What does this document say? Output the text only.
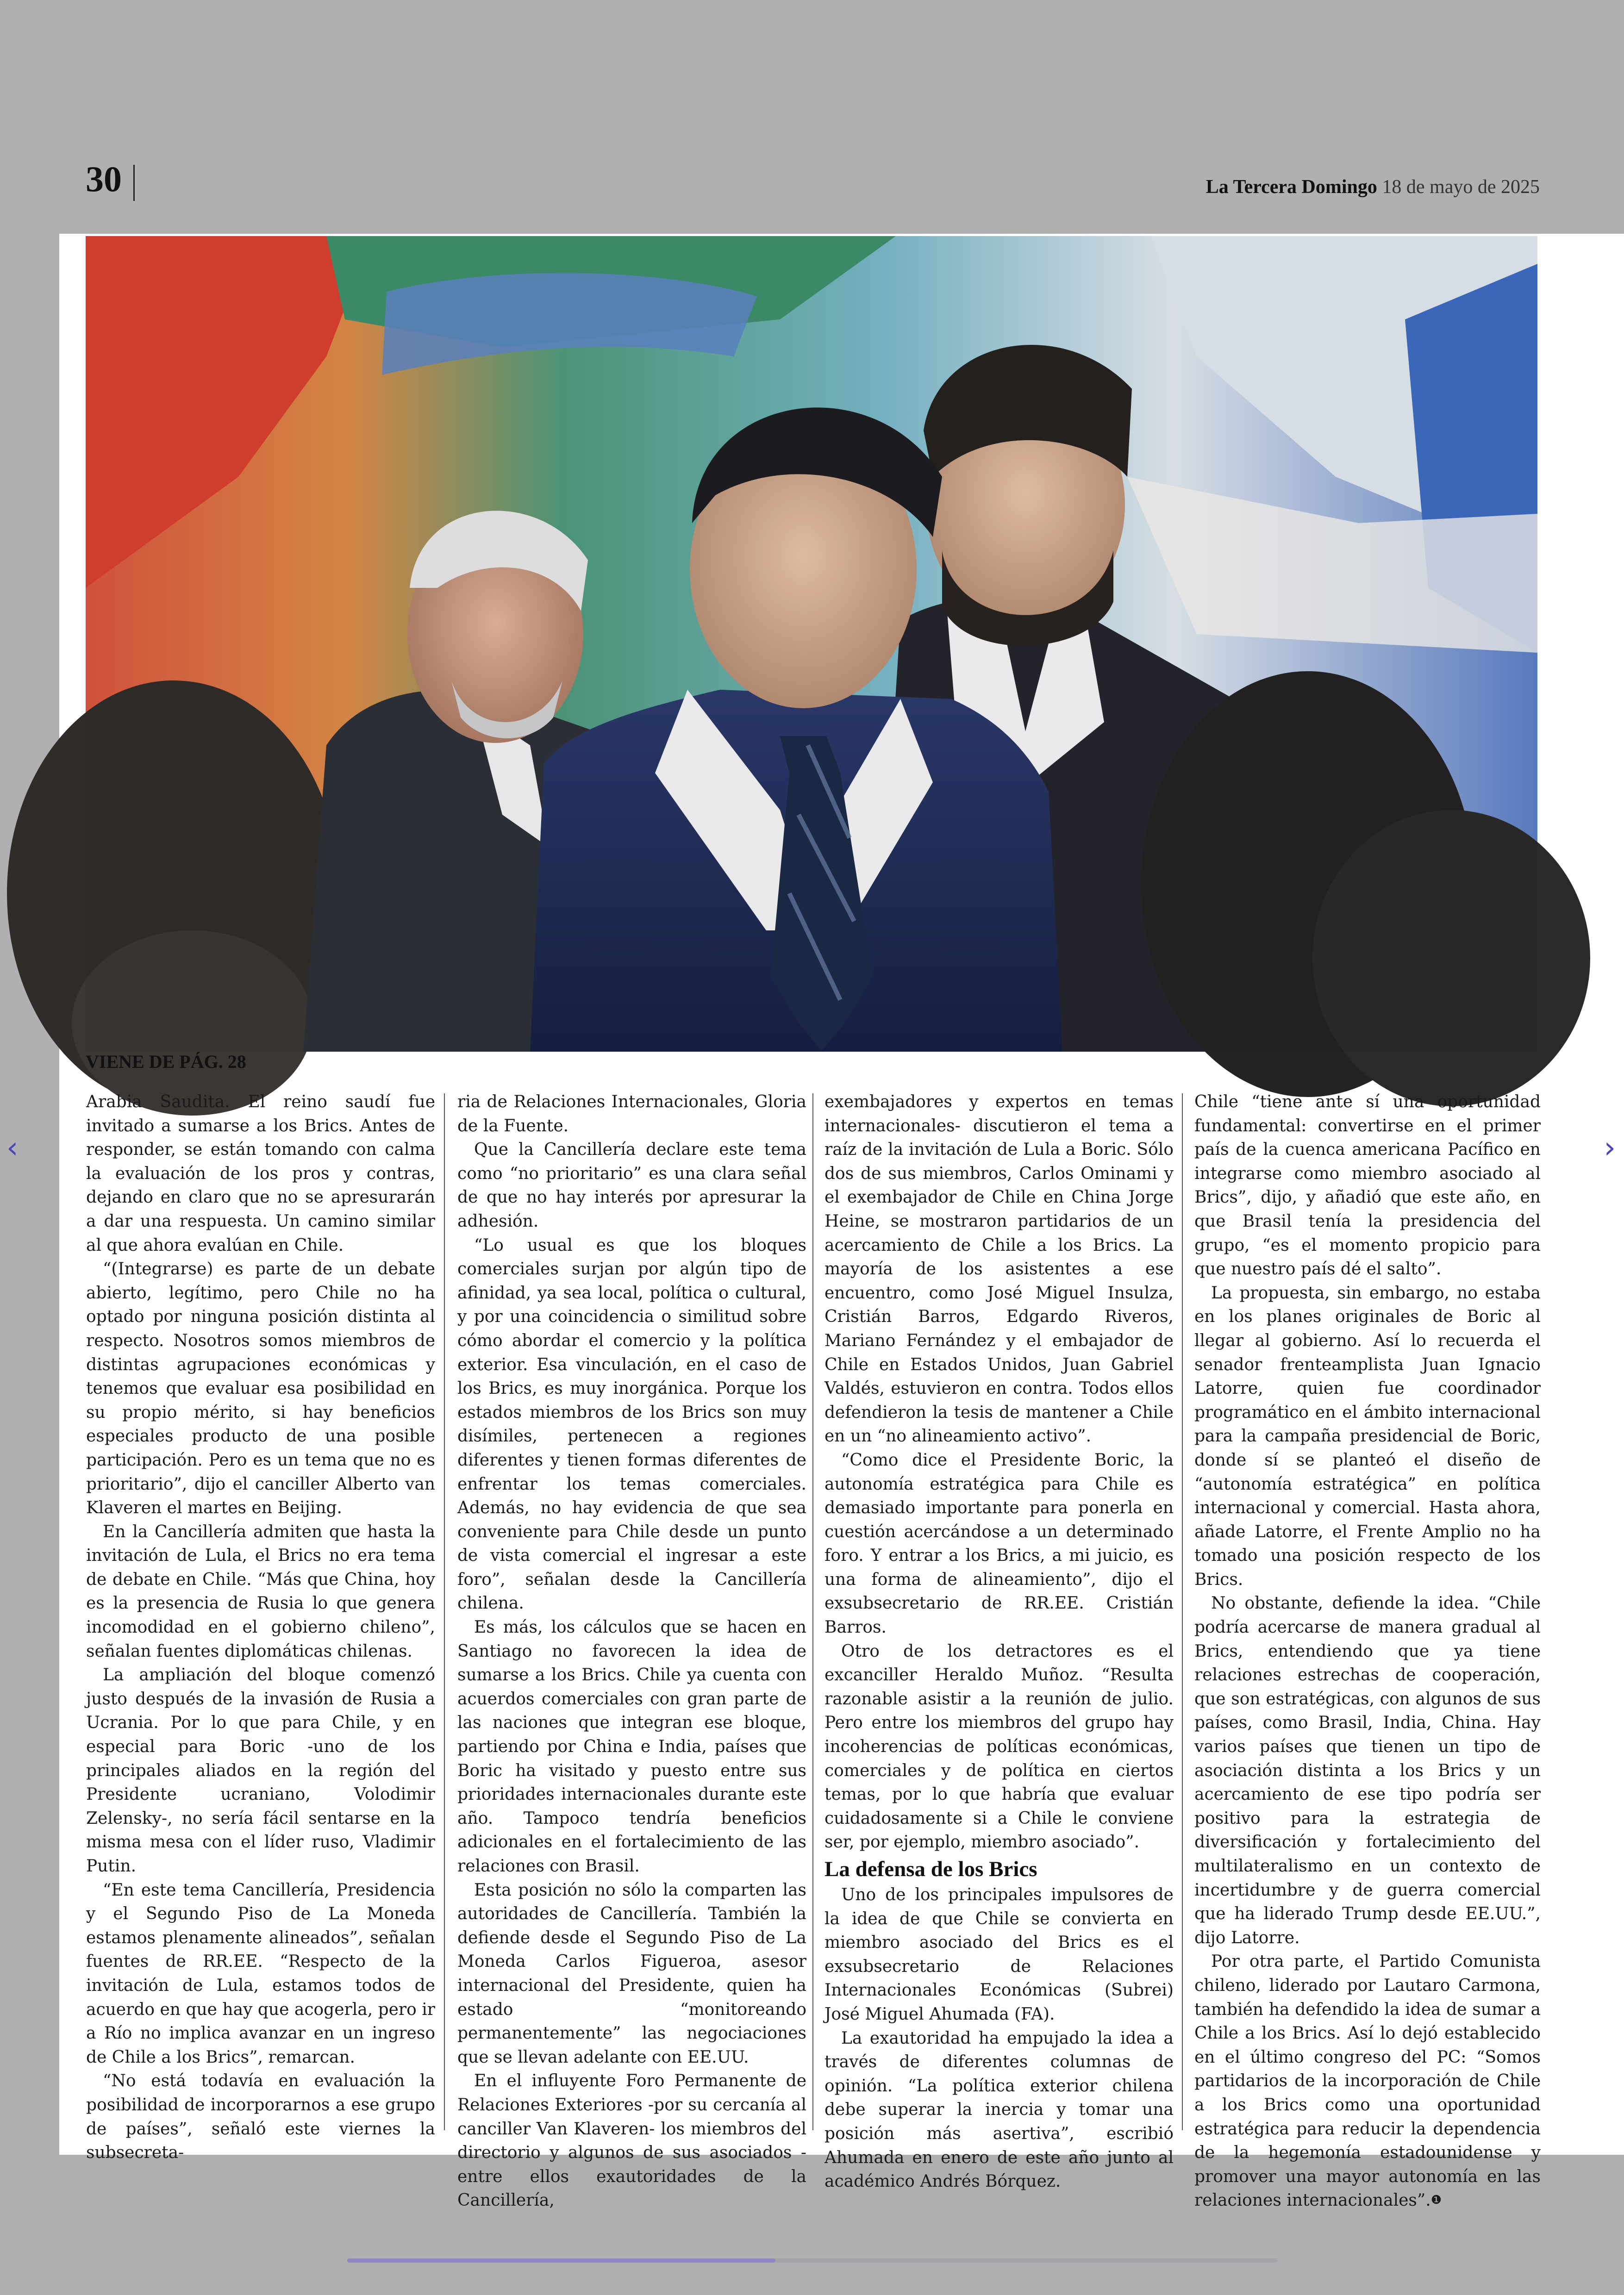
30	La Tercera Domingo 18 de mayo de 2025
VIENE DE PÁG. 28

Arabia Saudita. El reino saudí fue invitado a sumarse a los Brics. Antes de responder, se están tomando con calma la evaluación de los pros y contras, dejando en claro que no se apresurarán a dar una respuesta. Un camino similar al que ahora evalúan en Chile.

“(Integrarse) es parte de un debate abierto, legítimo, pero Chile no ha optado por ninguna posición distinta al respecto. Nosotros somos miembros de distintas agrupaciones económicas y tenemos que evaluar esa posibilidad en su propio mérito, si hay beneficios especiales producto de una posible participación. Pero es un tema que no es prioritario”, dijo el canciller Alberto van Klaveren el martes en Beijing.

En la Cancillería admiten que hasta la invitación de Lula, el Brics no era tema de debate en Chile. “Más que China, hoy es la presencia de Rusia lo que genera incomodidad en el gobierno chileno”, señalan fuentes diplomáticas chilenas.

La ampliación del bloque comenzó justo después de la invasión de Rusia a Ucrania. Por lo que para Chile, y en especial para Boric -uno de los principales aliados en la región del Presidente ucraniano, Volodimir Zelensky-, no sería fácil sentarse en la misma mesa con el líder ruso, Vladimir Putin.

“En este tema Cancillería, Presidencia y el Segundo Piso de La Moneda estamos plenamente alineados”, señalan fuentes de RR.EE. “Respecto de la invitación de Lula, estamos todos de acuerdo en que hay que acogerla, pero ir a Río no implica avanzar en un ingreso de Chile a los Brics”, remarcan.

“No está todavía en evaluación la posibilidad de incorporarnos a ese grupo de países”, señaló este viernes la subsecreta-

ria de Relaciones Internacionales, Gloria de la Fuente.

Que la Cancillería declare este tema como “no prioritario” es una clara señal de que no hay interés por apresurar la adhesión.

“Lo usual es que los bloques comerciales surjan por algún tipo de afinidad, ya sea local, política o cultural, y por una coincidencia o similitud sobre cómo abordar el comercio y la política exterior. Esa vinculación, en el caso de los Brics, es muy inorgánica. Porque los estados miembros de los Brics son muy disímiles, pertenecen a regiones diferentes y tienen formas diferentes de enfrentar los temas comerciales. Además, no hay evidencia de que sea conveniente para Chile desde un punto de vista comercial el ingresar a este foro”, señalan desde la Cancillería chilena.

Es más, los cálculos que se hacen en Santiago no favorecen la idea de sumarse a los Brics. Chile ya cuenta con acuerdos comerciales con gran parte de las naciones que integran ese bloque, partiendo por China e India, países que Boric ha visitado y puesto entre sus prioridades internacionales durante este año. Tampoco tendría beneficios adicionales en el fortalecimiento de las relaciones con Brasil.

Esta posición no sólo la comparten las autoridades de Cancillería. También la defiende desde el Segundo Piso de La Moneda Carlos Figueroa, asesor internacional del Presidente, quien ha estado “monitoreando permanentemente” las negociaciones que se llevan adelante con EE.UU.

En el influyente Foro Permanente de Relaciones Exteriores -por su cercanía al canciller Van Klaveren- los miembros del directorio y algunos de sus asociados -entre ellos exautoridades de la Cancillería,

exembajadores y expertos en temas internacionales- discutieron el tema a raíz de la invitación de Lula a Boric. Sólo dos de sus miembros, Carlos Ominami y el exembajador de Chile en China Jorge Heine, se mostraron partidarios de un acercamiento de Chile a los Brics. La mayoría de los asistentes a ese encuentro, como José Miguel Insulza, Cristián Barros, Edgardo Riveros, Mariano Fernández y el embajador de Chile en Estados Unidos, Juan Gabriel Valdés, estuvieron en contra. Todos ellos defendieron la tesis de mantener a Chile en un “no alineamiento activo”.

“Como dice el Presidente Boric, la autonomía estratégica para Chile es demasiado importante para ponerla en cuestión acercándose a un determinado foro. Y entrar a los Brics, a mi juicio, es una forma de alineamiento”, dijo el exsubsecretario de RR.EE. Cristián Barros.

Otro de los detractores es el excanciller Heraldo Muñoz. “Resulta razonable asistir a la reunión de julio. Pero entre los miembros del grupo hay incoherencias de políticas económicas, comerciales y de política en ciertos temas, por lo que habría que evaluar cuidadosamente si a Chile le conviene ser, por ejemplo, miembro asociado”.

La defensa de los Brics

Uno de los principales impulsores de la idea de que Chile se convierta en miembro asociado del Brics es el exsubsecretario de Relaciones Internacionales Económicas (Subrei) José Miguel Ahumada (FA).

La exautoridad ha empujado la idea a través de diferentes columnas de opinión. “La política exterior chilena debe superar la inercia y tomar una posición más asertiva”, escribió Ahumada en enero de este año junto al académico Andrés Bórquez.

Chile “tiene ante sí una oportunidad fundamental: convertirse en el primer país de la cuenca americana Pacífico en integrarse como miembro asociado al Brics”, dijo, y añadió que este año, en que Brasil tenía la presidencia del grupo, “es el momento propicio para que nuestro país dé el salto”.

La propuesta, sin embargo, no estaba en los planes originales de Boric al llegar al gobierno. Así lo recuerda el senador frenteamplista Juan Ignacio Latorre, quien fue coordinador programático en el ámbito internacional para la campaña presidencial de Boric, donde sí se planteó el diseño de “autonomía estratégica” en política internacional y comercial. Hasta ahora, añade Latorre, el Frente Amplio no ha tomado una posición respecto de los Brics.

No obstante, defiende la idea. “Chile podría acercarse de manera gradual al Brics, entendiendo que ya tiene relaciones estrechas de cooperación, que son estratégicas, con algunos de sus países, como Brasil, India, China. Hay varios países que tienen un tipo de asociación distinta a los Brics y un acercamiento de ese tipo podría ser positivo para la estrategia de diversificación y fortalecimiento del multilateralismo en un contexto de incertidumbre y de guerra comercial que ha liderado Trump desde EE.UU.”, dijo Latorre.

Por otra parte, el Partido Comunista chileno, liderado por Lautaro Carmona, también ha defendido la idea de sumar a Chile a los Brics. Así lo dejó establecido en el último congreso del PC: “Somos partidarios de la incorporación de Chile a los Brics como una oportunidad estratégica para reducir la dependencia de la hegemonía estadounidense y promover una mayor autonomía en las relaciones internacionales”.❶

‹	›
